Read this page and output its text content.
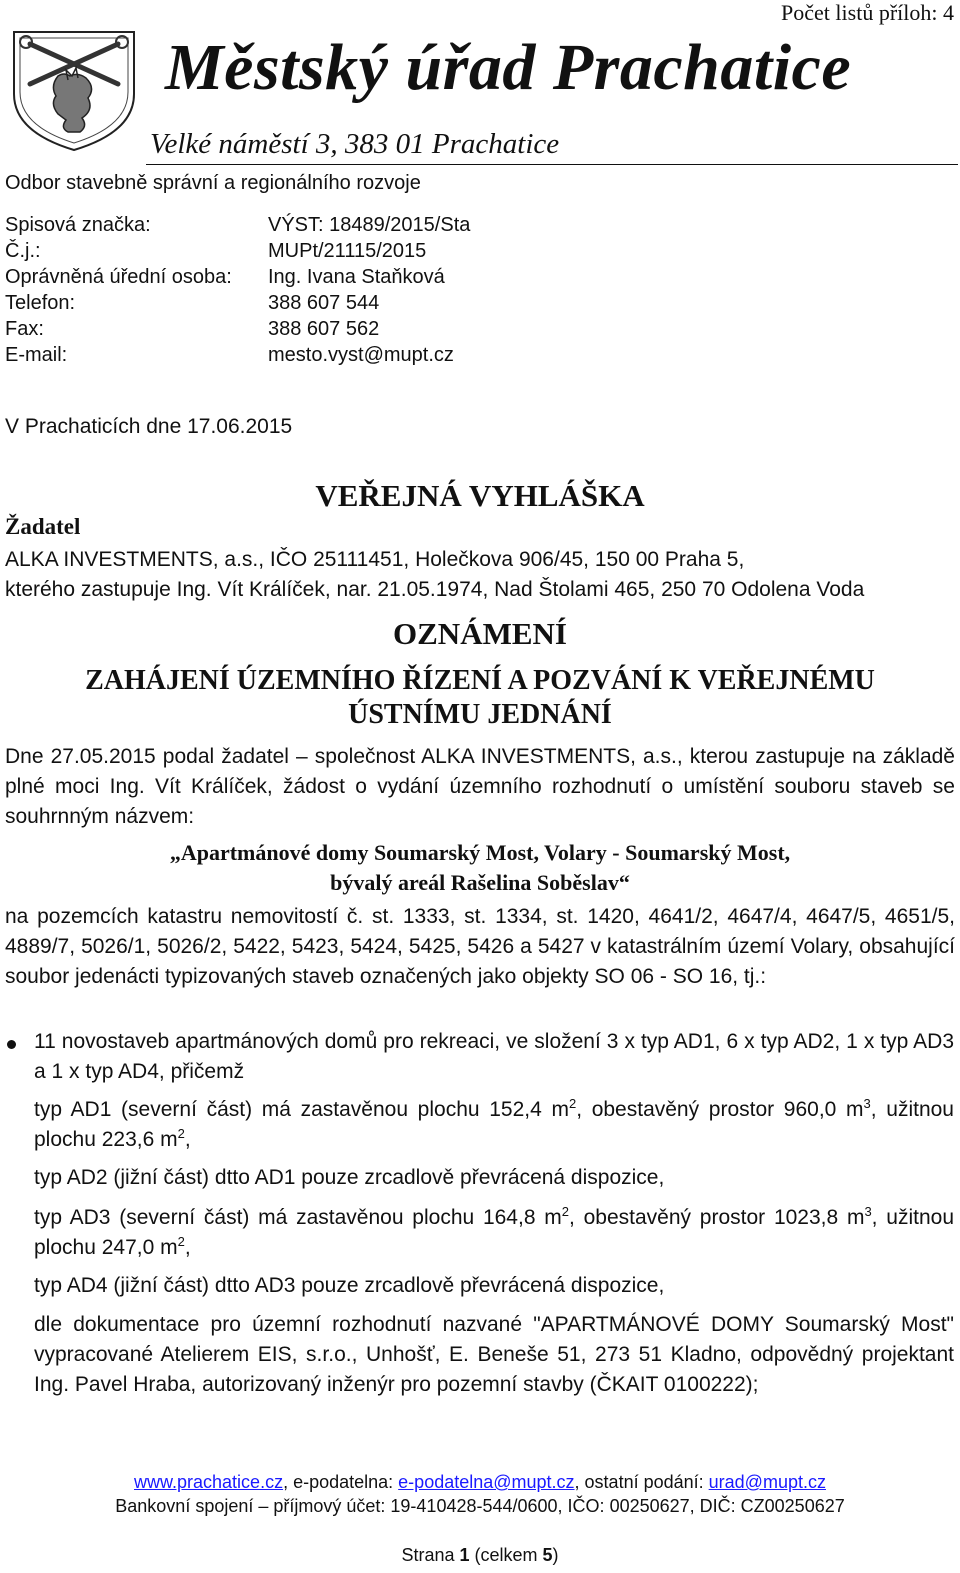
Počet listů příloh: 4
Městský úřad Prachatice
Velké náměstí 3, 383 01 Prachatice
Odbor stavebně správní a regionálního rozvoje
Spisová značka:	VÝST: 18489/2015/Sta
Č.j.:	MUPt/21115/2015
Oprávněná úřední osoba: Ing. Ivana Staňková
Telefon:	388 607 544
Fax:	388 607 562
E-mail:	mesto.vyst@mupt.cz
V Prachaticích dne 17.06.2015
VEŘEJNÁ VYHLÁŠKA
Žadatel
ALKA INVESTMENTS, a.s., IČO 25111451, Holečkova 906/45, 150 00 Praha 5,
kterého zastupuje Ing. Vít Králíček, nar. 21.05.1974, Nad Štolami 465, 250 70 Odolena Voda
OZNÁMENÍ
ZAHÁJENÍ ÚZEMNÍHO ŘÍZENÍ A POZVÁNÍ K VEŘEJNÉMU
ÚSTNÍMU JEDNÁNÍ
Dne 27.05.2015 podal žadatel – společnost ALKA INVESTMENTS, a.s., kterou zastupuje na základě plné moci Ing. Vít Králíček, žádost o vydání územního rozhodnutí o umístění souboru staveb se souhrnným názvem:
„Apartmánové domy Soumarský Most, Volary - Soumarský Most,
bývalý areál Rašelina Soběslav“
na pozemcích katastru nemovitostí č. st. 1333, st. 1334, st. 1420, 4641/2, 4647/4, 4647/5, 4651/5, 4889/7, 5026/1, 5026/2, 5422, 5423, 5424, 5425, 5426 a 5427 v katastrálním území Volary, obsahující soubor jedenácti typizovaných staveb označených jako objekty SO 06 - SO 16, tj.:
11 novostaveb apartmánových domů pro rekreaci, ve složení 3 x typ AD1, 6 x typ AD2, 1 x typ AD3 a 1 x typ AD4, přičemž
typ AD1 (severní část) má zastavěnou plochu 152,4 $m^2$, obestavěný prostor 960,0 $m^3$, užitnou plochu 223,6 $m^2$,
typ AD2 (jižní část) dtto AD1 pouze zrcadlově převrácená dispozice,
typ AD3 (severní část) má zastavěnou plochu 164,8 $m^2$, obestavěný prostor 1023,8 $m^3$, užitnou plochu 247,0 $m^2$,
typ AD4 (jižní část) dtto AD3 pouze zrcadlově převrácená dispozice,
dle dokumentace pro územní rozhodnutí nazvané "APARTMÁNOVÉ DOMY Soumarský Most" vypracované Atelierem EIS, s.r.o., Unhošť, E. Beneše 51, 273 51 Kladno, odpovědný projektant Ing. Pavel Hraba, autorizovaný inženýr pro pozemní stavby (ČKAIT 0100222);
www.prachatice.cz, e-podatelna: e-podatelna@mupt.cz, ostatní podání: urad@mupt.cz
Bankovní spojení – příjmový účet: 19-410428-544/0600, IČO: 00250627, DIČ: CZ00250627
Strana 1 (celkem 5)
